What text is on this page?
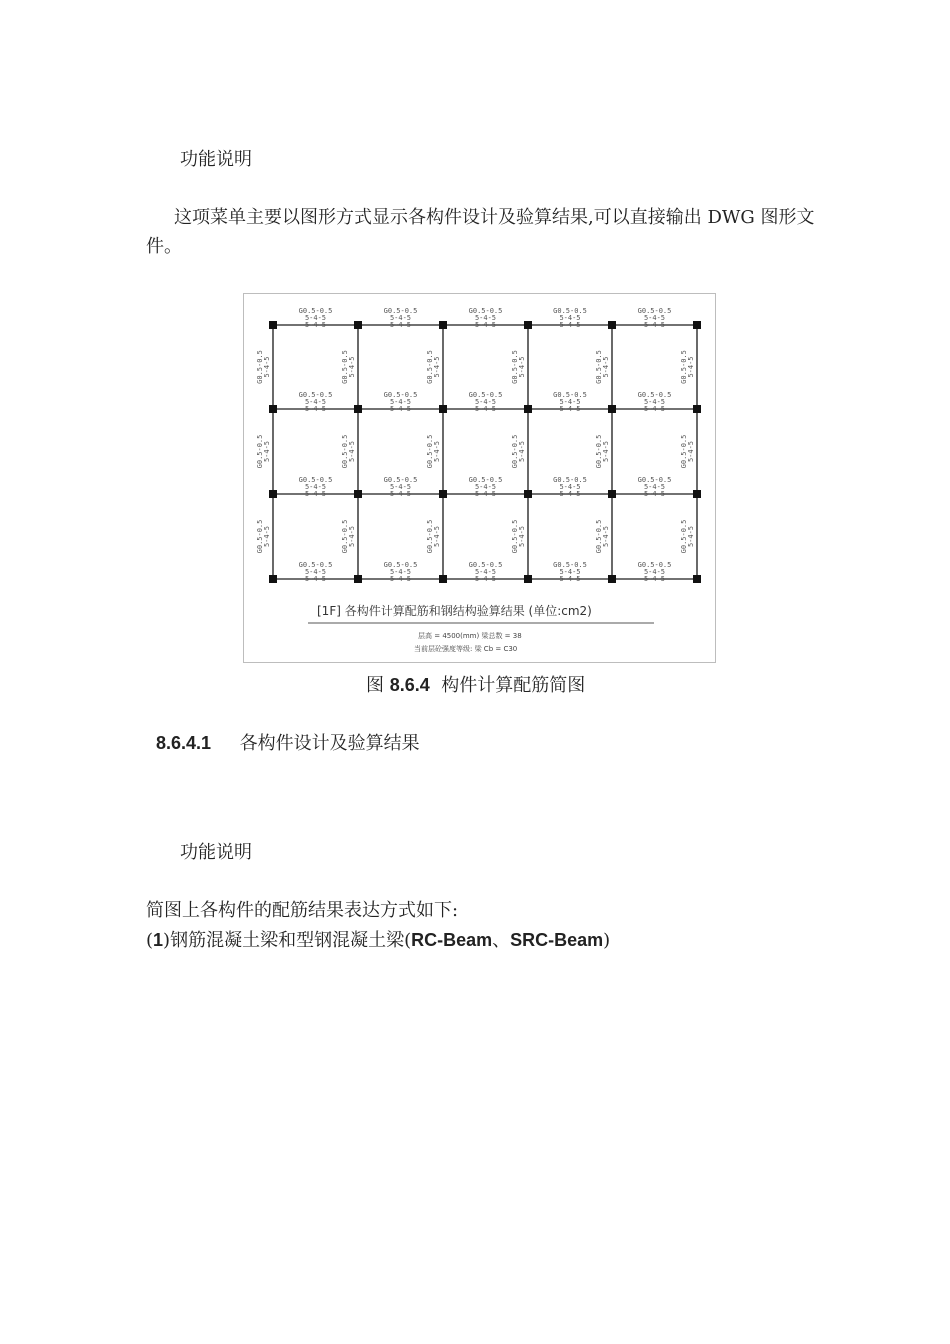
功能说明
这项菜单主要以图形方式显示各构件设计及验算结果,可以直接输出 DWG 图形文件。
G0.5-0.5
5-4-5
5-4-5
G0.5-0.5
5-4-5
5-4-5
G0.5-0.5
5-4-5
5-4-5
G0.5-0.5
5-4-5
5-4-5
G0.5-0.5
5-4-5
5-4-5
G0.5-0.5
5-4-5
5-4-5
G0.5-0.5
5-4-5
5-4-5
G0.5-0.5
5-4-5
5-4-5
G0.5-0.5
5-4-5
5-4-5
G0.5-0.5
5-4-5
5-4-5
G0.5-0.5
5-4-5
5-4-5
G0.5-0.5
5-4-5
5-4-5
G0.5-0.5
5-4-5
5-4-5
G0.5-0.5
5-4-5
5-4-5
G0.5-0.5
5-4-5
5-4-5
G0.5-0.5
5-4-5
5-4-5
G0.5-0.5
5-4-5
5-4-5
G0.5-0.5
5-4-5
5-4-5
G0.5-0.5
5-4-5
5-4-5
G0.5-0.5
5-4-5
5-4-5
G0.5-0.5 5-4-5	G0.5-0.5 5-4-5	G0.5-0.5 5-4-5	G0.5-0.5 5-4-5	G0.5-0.5 5-4-5	G0.5-0.5 5-4-5
G0.5-0.5 5-4-5	G0.5-0.5 5-4-5	G0.5-0.5 5-4-5	G0.5-0.5 5-4-5	G0.5-0.5 5-4-5	G0.5-0.5 5-4-5
G0.5-0.5 5-4-5	G0.5-0.5 5-4-5	G0.5-0.5 5-4-5	G0.5-0.5 5-4-5	G0.5-0.5 5-4-5	G0.5-0.5 5-4-5
[1F] 各构件计算配筋和钢结构验算结果 (单位:cm2)
层高 = 4500(mm) 梁总数 = 38
当前层砼强度等级: 梁 Cb = C30
图 8.6.4 构件计算配筋简图
8.6.4.1 各构件设计及验算结果
功能说明
简图上各构件的配筋结果表达方式如下:
(1)钢筋混凝土梁和型钢混凝土梁(RC-Beam、SRC-Beam)
